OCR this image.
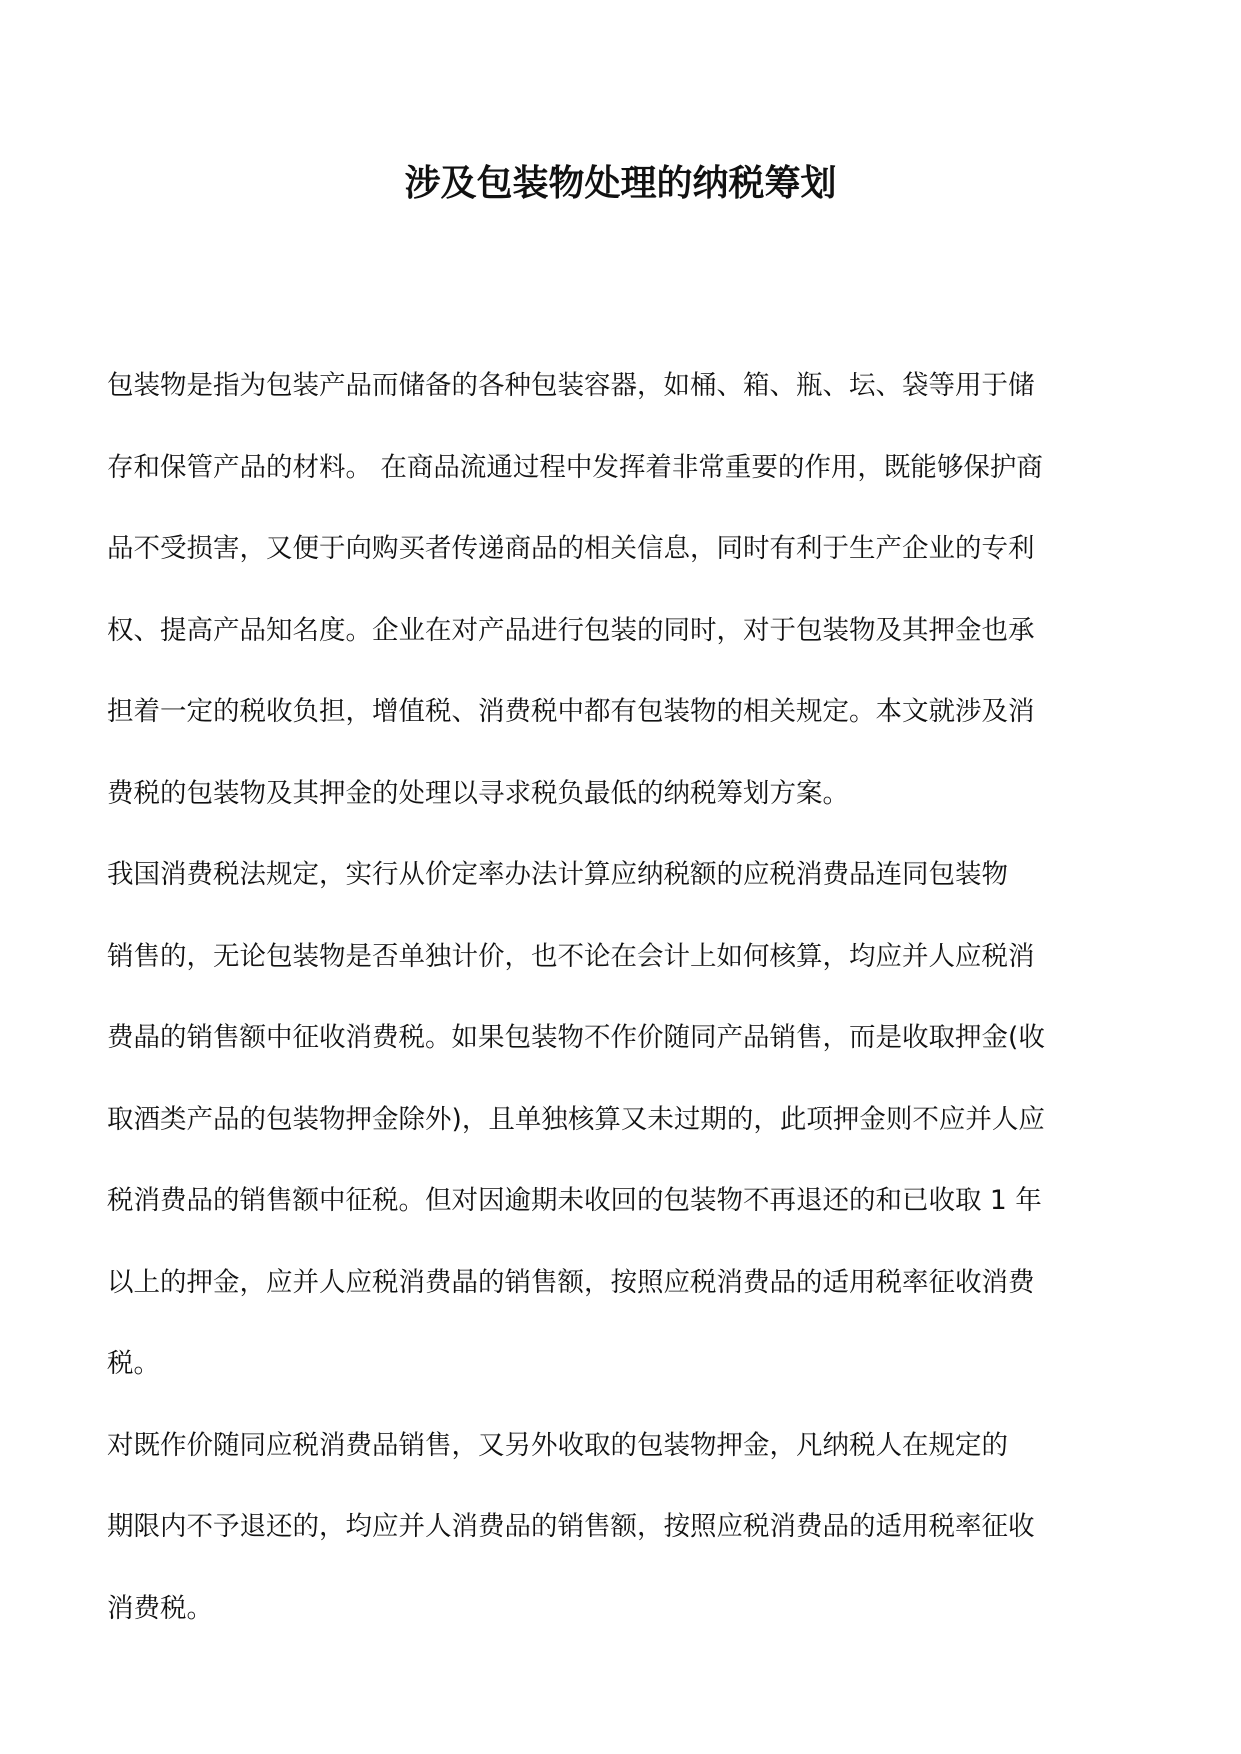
涉及包装物处理的纳税筹划

包装物是指为包装产品而储备的各种包装容器，如桶、箱、瓶、坛、袋等用于储
存和保管产品的材料。 在商品流通过程中发挥着非常重要的作用，既能够保护商
品不受损害，又便于向购买者传递商品的相关信息，同时有利于生产企业的专利
权、提高产品知名度。企业在对产品进行包装的同时，对于包装物及其押金也承
担着一定的税收负担，增值税、消费税中都有包装物的相关规定。本文就涉及消
费税的包装物及其押金的处理以寻求税负最低的纳税筹划方案。

我国消费税法规定，实行从价定率办法计算应纳税额的应税消费品连同包装物
销售的，无论包装物是否单独计价，也不论在会计上如何核算，均应并人应税消
费晶的销售额中征收消费税。如果包装物不作价随同产品销售，而是收取押金(收
取酒类产品的包装物押金除外)，且单独核算又未过期的，此项押金则不应并人应
税消费品的销售额中征税。但对因逾期未收回的包装物不再退还的和已收取 1 年
以上的押金，应并人应税消费晶的销售额，按照应税消费品的适用税率征收消费
税。

对既作价随同应税消费品销售，又另外收取的包装物押金，凡纳税人在规定的
期限内不予退还的，均应并人消费品的销售额，按照应税消费品的适用税率征收
消费税。
